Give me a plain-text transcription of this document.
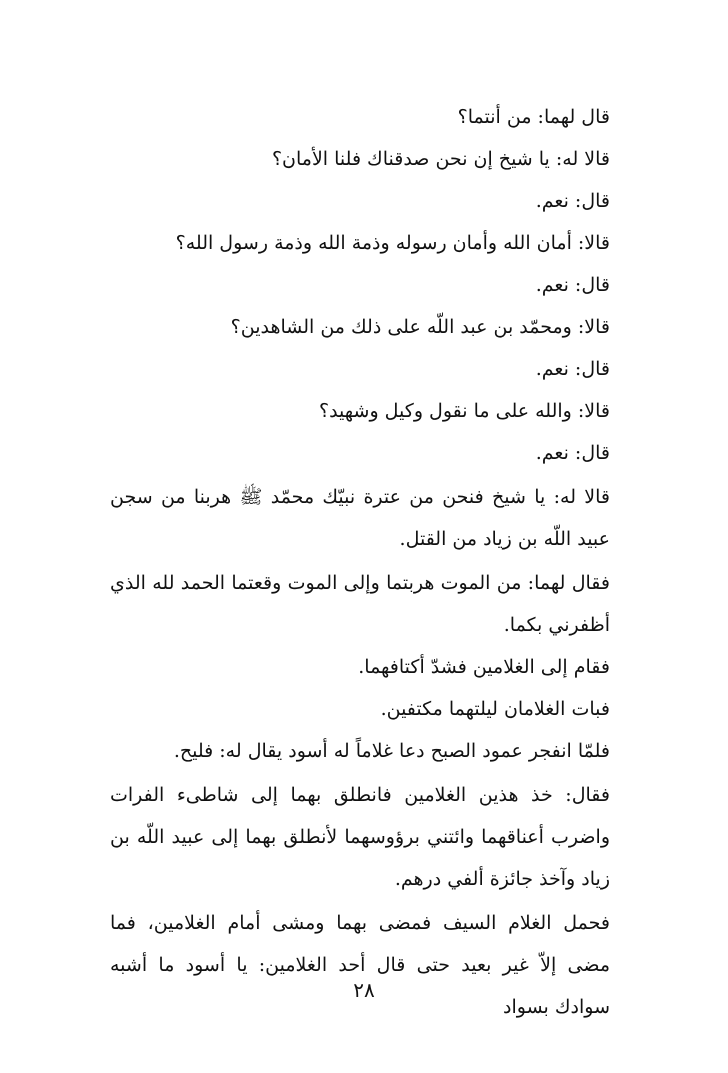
قال لهما: من أنتما؟
قالا له: يا شيخ إن نحن صدقناك فلنا الأمان؟
قال: نعم.
قالا: أمان الله وأمان رسوله وذمة الله وذمة رسول الله؟
قال: نعم.
قالا: ومحمّد بن عبد اللّه على ذلك من الشاهدين؟
قال: نعم.
قالا: والله على ما نقول وكيل وشهيد؟
قال: نعم.
قالا له: يا شيخ فنحن من عترة نبيّك محمّد ﷺ هربنا من سجن عبيد اللّه بن زياد من القتل.
فقال لهما: من الموت هربتما وإلى الموت وقعتما الحمد لله الذي أظفرني بكما.
فقام إلى الغلامين فشدّ أكتافهما.
فبات الغلامان ليلتهما مكتفين.
فلمّا انفجر عمود الصبح دعا غلاماً له أسود يقال له: فليح.
فقال: خذ هذين الغلامين فانطلق بهما إلى شاطىء الفرات واضرب أعناقهما وائتني برؤوسهما لأنطلق بهما إلى عبيد اللّه بن زياد وآخذ جائزة ألفي درهم.
فحمل الغلام السيف فمضى بهما ومشى أمام الغلامين، فما مضى إلاّ غير بعيد حتى قال أحد الغلامين: يا أسود ما أشبه سوادك بسواد
٢٨
